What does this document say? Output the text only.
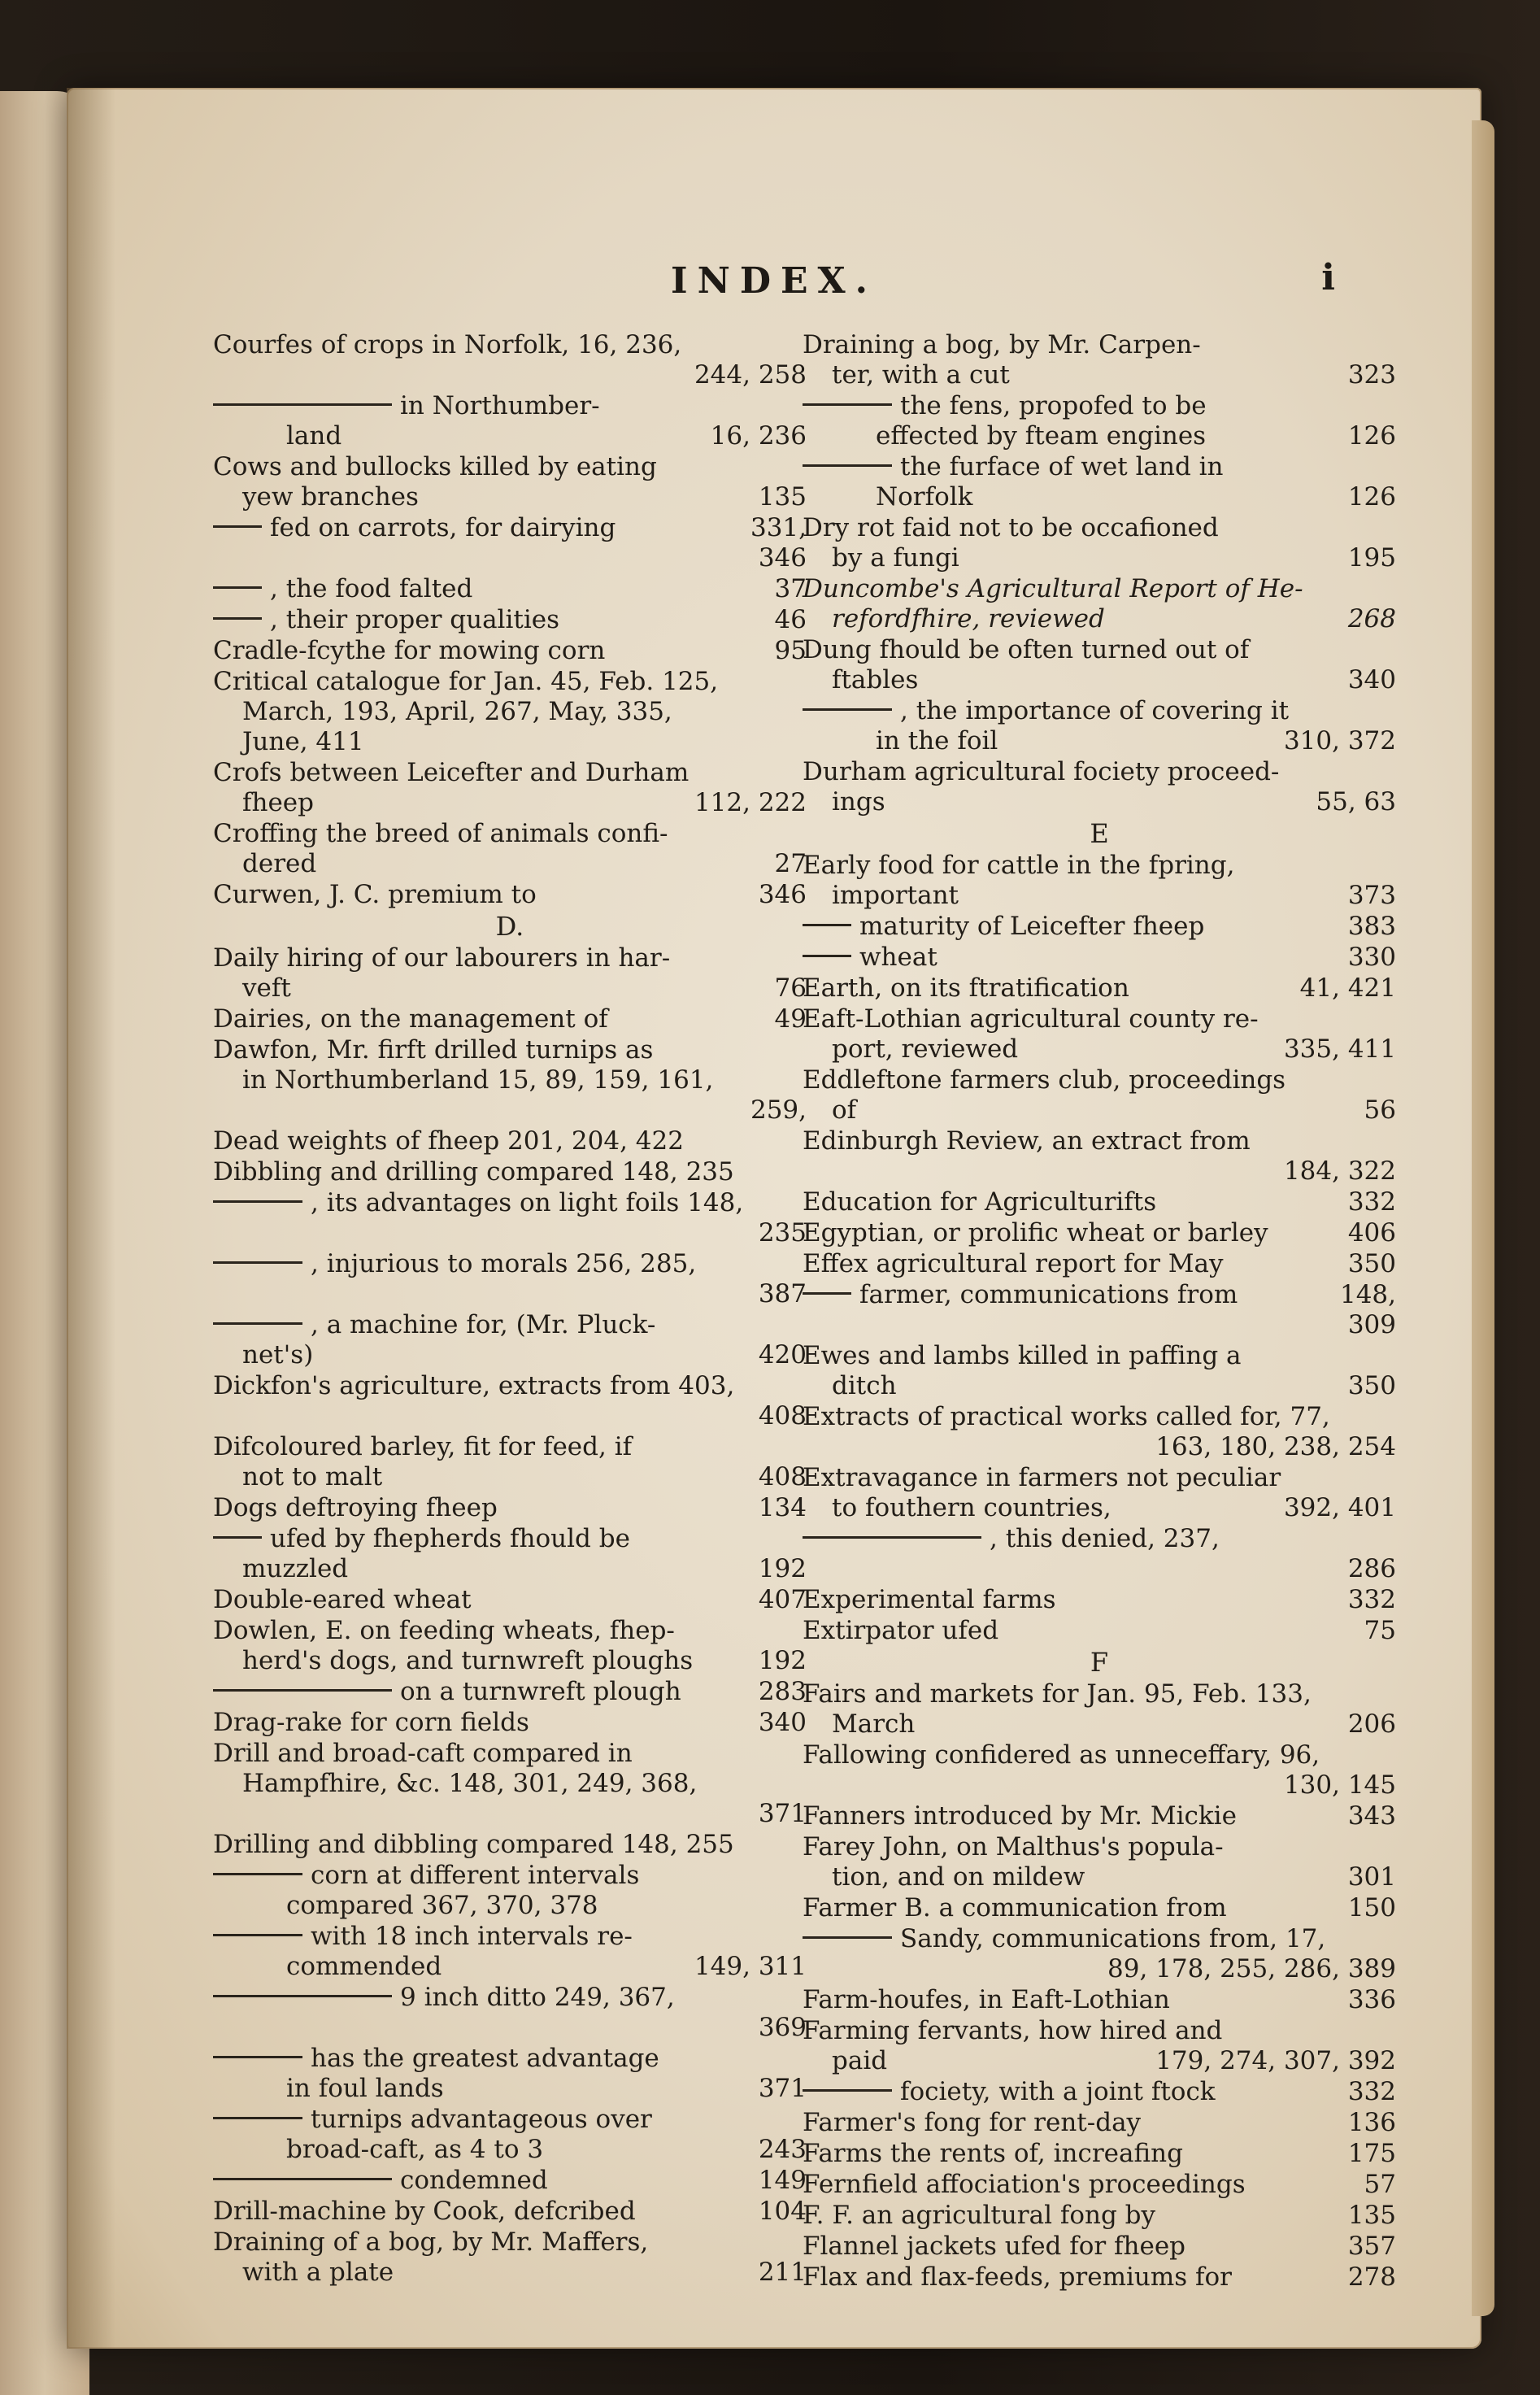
INDEX.	i
Courfes of crops in Norfolk, 16, 236,
244, 258
in Northumber-
16, 236
land
Cows and bullocks killed by eating
135
yew branches
331,
fed on carrots, for dairying
346
37
, the food falted
46
, their proper qualities
95
Cradle-fcythe for mowing corn
Critical catalogue for Jan. 45, Feb. 125,
March, 193, April, 267, May, 335,
June, 411
Crofs between Leicefter and Durham
112, 222
fheep
Croffing the breed of animals confi-
27
dered
346
Curwen, J. C. premium to
D.
Daily hiring of our labourers in har-
76
veft
49
Dairies, on the management of
Dawfon, Mr. firft drilled turnips as
in Northumberland 15, 89, 159, 161,
259,
Dead weights of fheep 201, 204, 422
Dibbling and drilling compared 148, 235
, its advantages on light foils 148,
235
, injurious to morals 256, 285,
387
, a machine for, (Mr. Pluck-
420
net's)
Dickfon's agriculture, extracts from 403,
408
Difcoloured barley, fit for feed, if
408
not to malt
134
Dogs deftroying fheep
ufed by fhepherds fhould be
192
muzzled
407
Double-eared wheat
Dowlen, E. on feeding wheats, fhep-
192
herd's dogs, and turnwreft ploughs
283
on a turnwreft plough
340
Drag-rake for corn fields
Drill and broad-caft compared in
Hampfhire, &c. 148, 301, 249, 368,
371
Drilling and dibbling compared 148, 255
corn at different intervals
compared 367, 370, 378
with 18 inch intervals re-
149, 311
commended
9 inch ditto 249, 367,
369
has the greatest advantage
371
in foul lands
turnips advantageous over
243
broad-caft, as 4 to 3
149
condemned
104
Drill-machine by Cook, defcribed
Draining of a bog, by Mr. Maffers,
211
with a plate
Draining a bog, by Mr. Carpen-
323
ter, with a cut
the fens, propofed to be
126
effected by fteam engines
the furface of wet land in
126
Norfolk
Dry rot faid not to be occafioned
195
by a fungi
Duncombe's Agricultural Report of He-
268
refordfhire, reviewed
Dung fhould be often turned out of
340
ftables
, the importance of covering it
310, 372
in the foil
Durham agricultural fociety proceed-
55, 63
ings
E
Early food for cattle in the fpring,
373
important
383
maturity of Leicefter fheep
330
wheat
41, 421
Earth, on its ftratification
Eaft-Lothian agricultural county re-
335, 411
port, reviewed
Eddleftone farmers club, proceedings
56
of
Edinburgh Review, an extract from
184, 322
332
Education for Agriculturifts
406
Egyptian, or prolific wheat or barley
350
Effex agricultural report for May
148,
farmer, communications from
309
Ewes and lambs killed in paffing a
350
ditch
Extracts of practical works called for, 77,
163, 180, 238, 254
Extravagance in farmers not peculiar
392, 401
to fouthern countries,
, this denied, 237,
286
332
Experimental farms
75
Extirpator ufed
F
Fairs and markets for Jan. 95, Feb. 133,
206
March
Fallowing confidered as unneceffary, 96,
130, 145
343
Fanners introduced by Mr. Mickie
Farey John, on Malthus's popula-
301
tion, and on mildew
150
Farmer B. a communication from
Sandy, communications from, 17,
89, 178, 255, 286, 389
336
Farm-houfes, in Eaft-Lothian
Farming fervants, how hired and
179, 274, 307, 392
paid
332
fociety, with a joint ftock
136
Farmer's fong for rent-day
175
Farms the rents of, increafing
57
Fernfield affociation's proceedings
135
F. F. an agricultural fong by
357
Flannel jackets ufed for fheep
278
Flax and flax-feeds, premiums for
